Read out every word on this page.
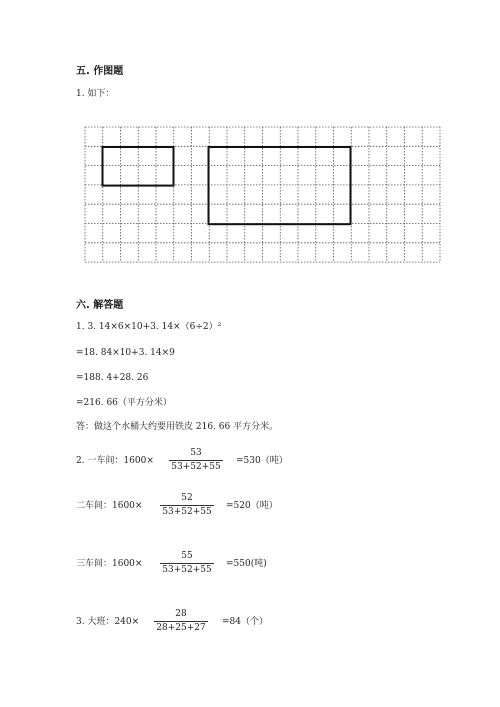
五. 作图题
1. 如下：
六. 解答题
1. 3. 14×6×10+3. 14×（6÷2）²
=18. 84×10+3. 14×9
=188. 4+28. 26
=216. 66（平方分米）
答：做这个水桶大约要用铁皮 216. 66 平方分米。
2. 一车间：1600×
53
53+52+55
=530（吨）
二车间：1600×
52
53+52+55
=520（吨）
三车间：1600×
55
53+52+55
=550(吨)
3. 大班：240×
28
28+25+27
=84（个）
